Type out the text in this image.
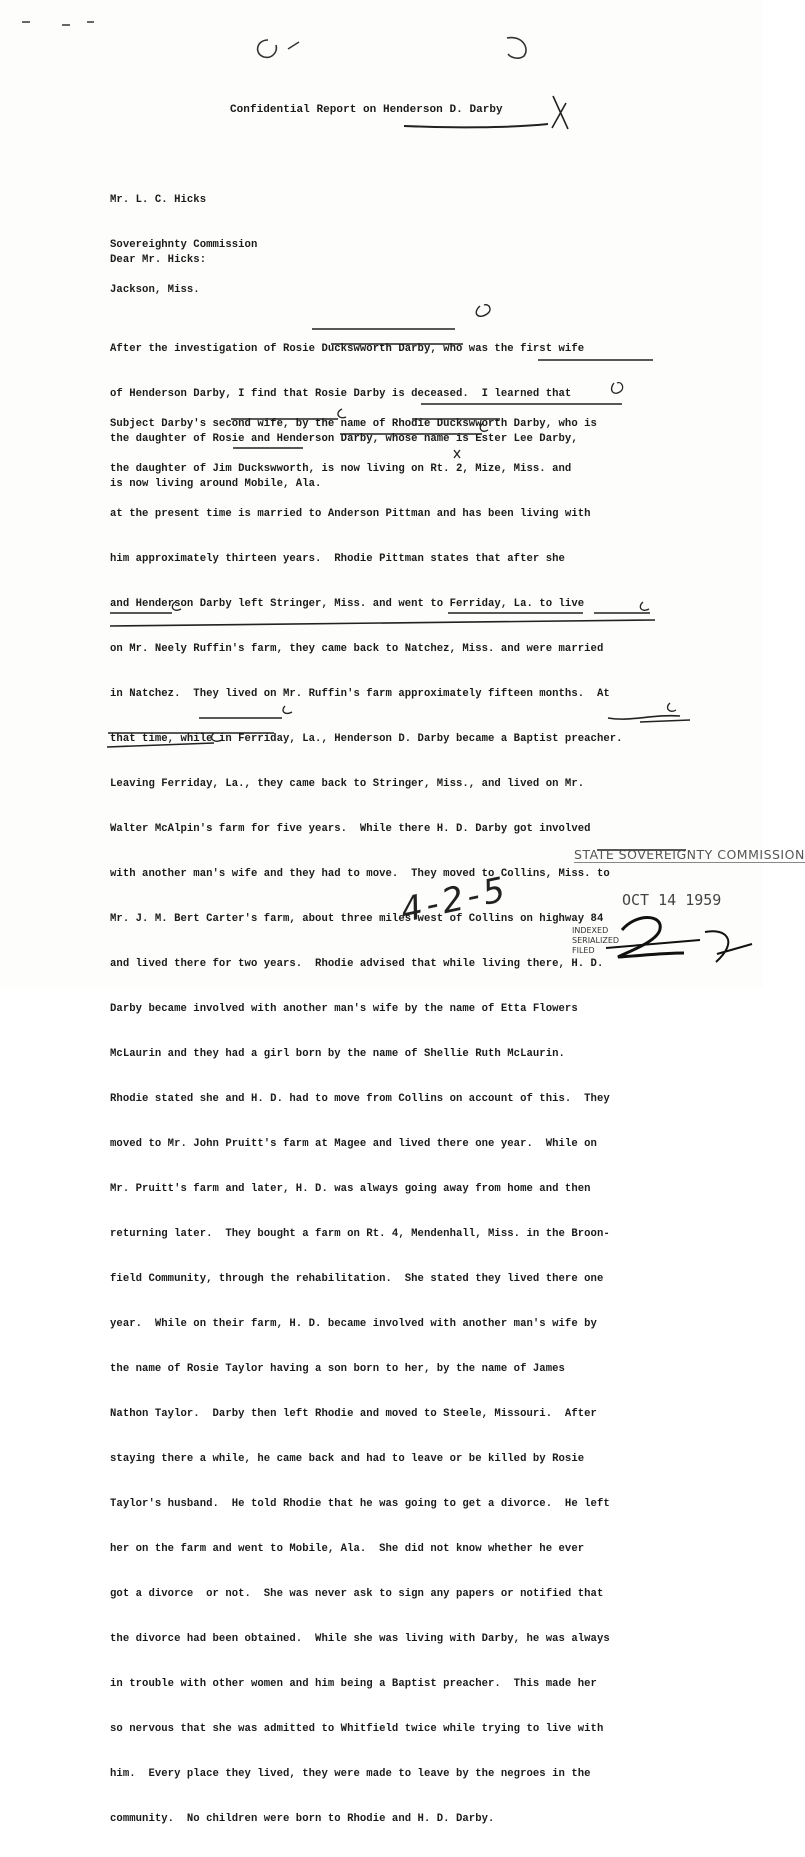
Confidential Report on Henderson D. Darby

Mr. L. C. Hicks

Sovereighnty Commission

Jackson, Miss.

Dear Mr. Hicks:

After the investigation of Rosie Duckswworth Darby, who was the first wife

of Henderson Darby, I find that Rosie Darby is deceased.  I learned that

the daughter of Rosie and Henderson Darby, whose name is Ester Lee Darby,

is now living around Mobile, Ala.

Subject Darby's second wife, by the name of Rhodie Duckswworth Darby, who is

the daughter of Jim Duckswworth, is now living on Rt. 2, Mize, Miss. and

at the present time is married to Anderson Pittman and has been living with

him approximately thirteen years.  Rhodie Pittman states that after she

and Henderson Darby left Stringer, Miss. and went to Ferriday, La. to live

on Mr. Neely Ruffin's farm, they came back to Natchez, Miss. and were married

in Natchez.  They lived on Mr. Ruffin's farm approximately fifteen months.  At

that time, while in Ferriday, La., Henderson D. Darby became a Baptist preacher.

Leaving Ferriday, La., they came back to Stringer, Miss., and lived on Mr.

Walter McAlpin's farm for five years.  While there H. D. Darby got involved

with another man's wife and they had to move.  They moved to Collins, Miss. to

Mr. J. M. Bert Carter's farm, about three miles west of Collins on highway 84

and lived there for two years.  Rhodie advised that while living there, H. D.

Darby became involved with another man's wife by the name of Etta Flowers

McLaurin and they had a girl born by the name of Shellie Ruth McLaurin.

Rhodie stated she and H. D. had to move from Collins on account of this.  They

moved to Mr. John Pruitt's farm at Magee and lived there one year.  While on

Mr. Pruitt's farm and later, H. D. was always going away from home and then

returning later.  They bought a farm on Rt. 4, Mendenhall, Miss. in the Broon-

field Community, through the rehabilitation.  She stated they lived there one

year.  While on their farm, H. D. became involved with another man's wife by

the name of Rosie Taylor having a son born to her, by the name of James

Nathon Taylor.  Darby then left Rhodie and moved to Steele, Missouri.  After

staying there a while, he came back and had to leave or be killed by Rosie

Taylor's husband.  He told Rhodie that he was going to get a divorce.  He left

her on the farm and went to Mobile, Ala.  She did not know whether he ever

got a divorce  or not.  She was never ask to sign any papers or notified that

the divorce had been obtained.  While she was living with Darby, he was always

in trouble with other women and him being a Baptist preacher.  This made her

so nervous that she was admitted to Whitfield twice while trying to live with

him.  Every place they lived, they were made to leave by the negroes in the

community.  No children were born to Rhodie and H. D. Darby.

4-2-5
STATE SOVEREIGNTY COMMISSION
OCT 14 1959
INDEXED
SERIALIZED
FILED
